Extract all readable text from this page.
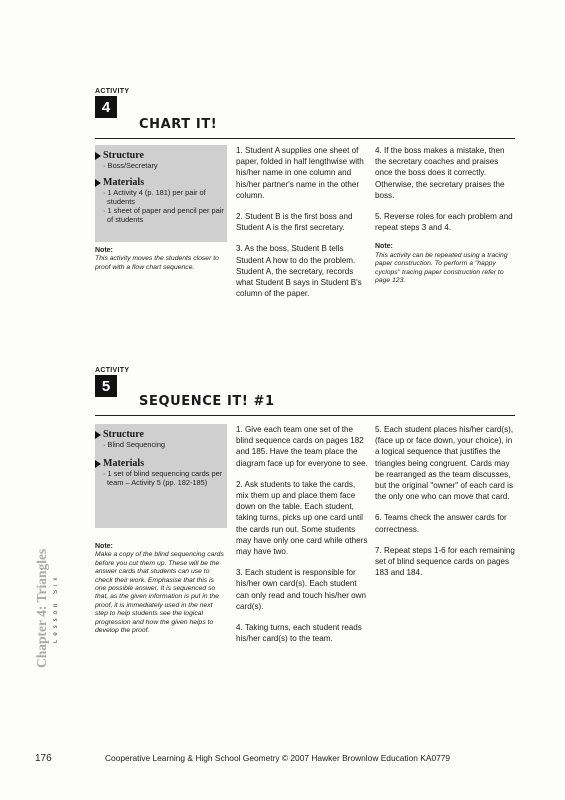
ACTIVITY
4
CHART IT!
Structure
· Boss/Secretary
Materials
· 1 Activity 4 (p. 181) per pair of students
· 1 sheet of paper and pencil per pair of students
Note:
This activity moves the students closer to proof with a flow chart sequence.

1. Student A supplies one sheet of paper, folded in half lengthwise with his/her name in one column and his/her partner's name in the other column.

2. Student B is the first boss and Student A is the first secretary.

3. As the boss, Student B tells Student A how to do the problem. Student A, the secretary, records what Student B says in Student B's column of the paper.

4. If the boss makes a mistake, then the secretary coaches and praises once the boss does it correctly. Otherwise, the secretary praises the boss.

5. Reverse roles for each problem and repeat steps 3 and 4.

Note:
This activity can be repeated using a tracing paper construction. To perform a "happy cyclops" tracing paper construction refer to page 123.
ACTIVITY
5
SEQUENCE IT! #1
Structure
· Blind Sequencing
Materials
· 1 set of blind sequencing cards per team – Activity 5 (pp. 182-185)
Note:
Make a copy of the blind sequencing cards before you cut them up. These will be the answer cards that students can use to check their work. Emphasise that this is one possible answer. It is sequenced so that, as the given information is put in the proof, it is immediately used in the next step to help students see the logical progression and how the given helps to develop the proof.

1. Give each team one set of the blind sequence cards on pages 182 and 185. Have the team place the diagram face up for everyone to see.

2. Ask students to take the cards, mix them up and place them face down on the table. Each student, taking turns, picks up one card until the cards run out. Some students may have only one card while others may have two.

3. Each student is responsible for his/her own card(s). Each student can only read and touch his/her own card(s).

4. Taking turns, each student reads his/her card(s) to the team.

5. Each student places his/her card(s), (face up or face down, your choice), in a logical sequence that justifies the triangles being congruent. Cards may be rearranged as the team discusses, but the original "owner" of each card is the only one who can move that card.

6. Teams check the answer cards for correctness.

7. Repeat steps 1-6 for each remaining set of blind sequence cards on pages 183 and 184.

Chapter 4: Triangles Lesson Six
176	Cooperative Learning & High School Geometry © 2007 Hawker Brownlow Education KA0779
